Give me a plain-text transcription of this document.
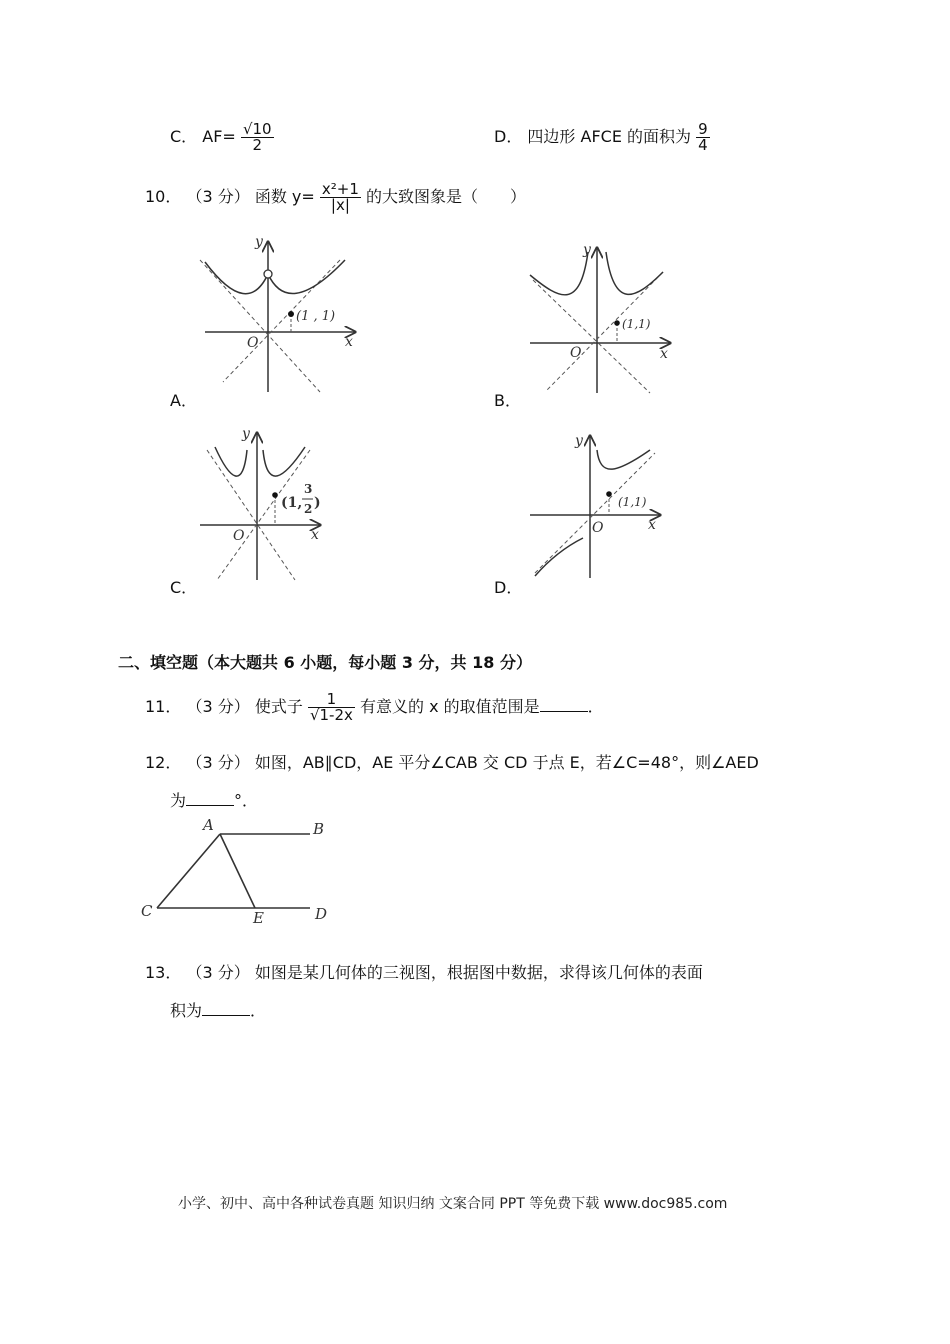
C． $AF= \frac{√10}{2}$	D． 四边形 AFCE 的面积为 $\frac{9}{4}$
10． （3 分） 函数 $y= \frac{\text{x²+1}}{|x|}$ 的大致图象是（　　）
(1 , 1)
y
x
O
A．
(1,1)
y
x
O
B．
(1,
3
2 )
y
x
O
C．
(1,1)
y
x
O
D．
二、填空题（本大题共 6 小题，每小题 3 分，共 18 分）
11． （3 分） 使式子 $\frac{1}{√1-2x}$ 有意义的 x 的取值范围是	．
12． （3 分） 如图，AB∥CD，AE 平分∠CAB 交 CD 于点 E，若∠C=48°，则∠AED
为	°．
A	B
C	E	D
13． （3 分） 如图是某几何体的三视图，根据图中数据，求得该几何体的表面
积为	．
小学、初中、高中各种试卷真题 知识归纳 文案合同 PPT 等免费下载 www.doc985.com
